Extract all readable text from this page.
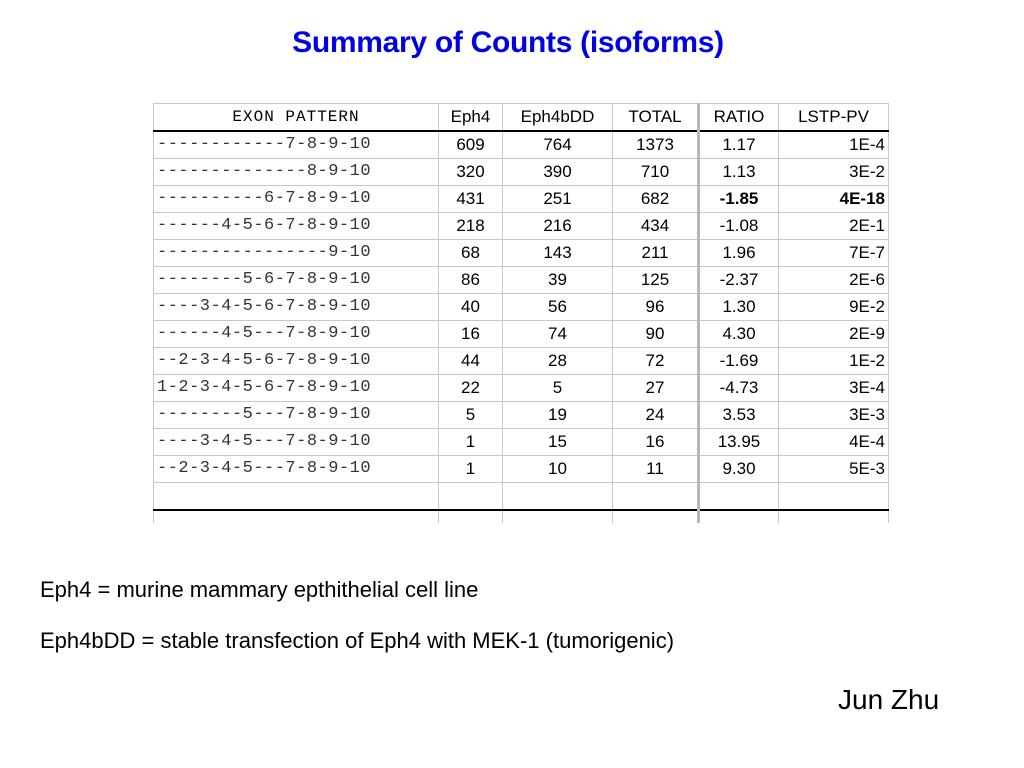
Summary of Counts (isoforms)
EXON PATTERN	Eph4	Eph4bDD	TOTAL	RATIO	LSTP-PV
------------7-8-9-10	609	764	1373	1.17	1E-4
--------------8-9-10	320	390	710	1.13	3E-2
----------6-7-8-9-10	431	251	682	-1.85	4E-18
------4-5-6-7-8-9-10	218	216	434	-1.08	2E-1
----------------9-10	68	143	211	1.96	7E-7
--------5-6-7-8-9-10	86	39	125	-2.37	2E-6
----3-4-5-6-7-8-9-10	40	56	96	1.30	9E-2
------4-5---7-8-9-10	16	74	90	4.30	2E-9
--2-3-4-5-6-7-8-9-10	44	28	72	-1.69	1E-2
1-2-3-4-5-6-7-8-9-10	22	5	27	-4.73	3E-4
--------5---7-8-9-10	5	19	24	3.53	3E-3
----3-4-5---7-8-9-10	1	15	16	13.95	4E-4
--2-3-4-5---7-8-9-10	1	10	11	9.30	5E-3

Eph4 = murine mammary epthithelial cell line
Eph4bDD = stable transfection of Eph4 with MEK-1 (tumorigenic)
Jun Zhu
